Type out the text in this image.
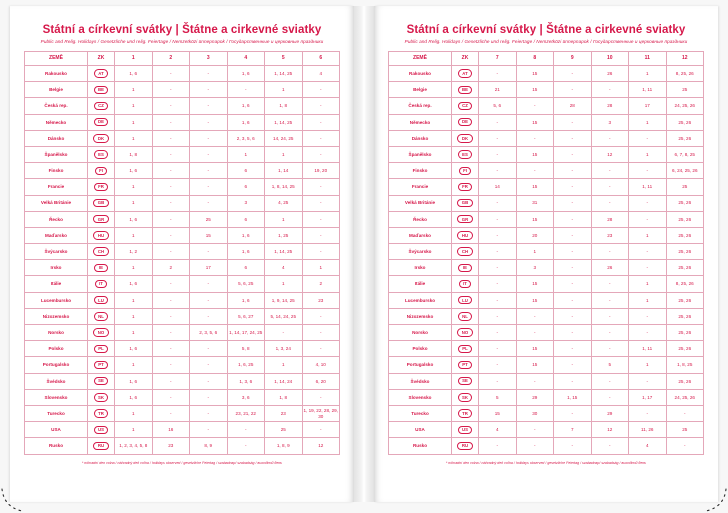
Státní a církevní svátky | Štátne a cirkevné sviatky
Public and Relig. Holidays / Gesetzliche und relig. Feiertage / Nemzetközi ünnepnapok / Государственные и церковные праздники
ZEMĚ	ZK	1	2	3	4	5	6
Rakousko	AT	1, 6	-	-	1, 6	1, 14, 25	4
Belgie	BE	1	-	-	-	1	-
Česká rep.	CZ	1	-	-	1, 6	1, 8	-
Německo	DE	1	-	-	1, 6	1, 14, 25	-
Dánsko	DK	1	-	-	2, 3, 5, 6	14, 24, 25	-
Španělsko	ES	1, 8	-	-	1	1	-
Finsko	FI	1, 6	-	-	6	1, 14	19, 20
Francie	FR	1	-	-	6	1, 8, 14, 25	-
Velká Británie	GB	1	-	-	3	4, 25	-
Řecko	GR	1, 6	-	25	6	1	-
Maďarsko	HU	1	-	15	1, 6	1, 25	-
Švýcarsko	CH	1, 2	-	-	1, 6	1, 14, 25	-
Irsko	IE	1	2	17	6	4	1
Itálie	IT	1, 6	-	-	5, 6, 25	1	2
Lucembursko	LU	1	-	-	1, 6	1, 9, 14, 25	23
Nizozemsko	NL	1	-	-	5, 6, 27	5, 14, 24, 25	-
Norsko	NO	1	-	2, 3, 5, 6	1, 14, 17, 24, 25	-	-
Polsko	PL	1, 6	-	-	5, 8	1, 3, 24	-
Portugalsko	PT	1	-	-	1, 6, 25	1	4, 10
Švédsko	SE	1, 6	-	-	1, 3, 6	1, 14, 24	6, 20
Slovensko	SK	1, 6	-	-	3, 6	1, 8	-
Turecko	TR	1	-	-	23, 21, 22	23	1, 19, 22, 28, 29, 30
USA	US	1	16	-	-	25	-
Rusko	RU	1, 2, 3, 4, 5, 8	23	8, 9	-	1, 8, 9	12
* nóhradní den volna / náhradný deň voľna / holidays observed / gesetzliche Feiertag / szabadnap/ szabadság / выходной день
Státní a církevní svátky | Štátne a cirkevné sviatky
Public and Relig. Holidays / Gesetzliche und relig. Feiertage / Nemzetközi ünnepnapok / Государственные и церковные праздники
ZEMĚ	ZK	7	8	9	10	11	12
Rakousko	AT	-	15	-	26	1	8, 25, 26
Belgie	BE	21	15	-	-	1, 11	25
Česká rep.	CZ	5, 6	-	28	28	17	24, 25, 26
Německo	DE	-	15	-	3	1	25, 26
Dánsko	DK	-	-	-	-	-	25, 26
Španělsko	ES	-	15	-	12	1	6, 7, 8, 25
Finsko	FI	-	-	-	-	-	6, 24, 25, 26
Francie	FR	14	15	-	-	1, 11	25
Velká Británie	GB	-	31	-	-	-	25, 26
Řecko	GR	-	15	-	28	-	25, 26
Maďarsko	HU	-	20	-	23	1	25, 26
Švýcarsko	CH	-	1	-	-	-	25, 26
Irsko	IE	-	3	-	26	-	25, 26
Itálie	IT	-	15	-	-	1	8, 25, 26
Lucembursko	LU	-	15	-	-	1	25, 26
Nizozemsko	NL	-	-	-	-	-	25, 26
Norsko	NO	-	-	-	-	-	25, 26
Polsko	PL	-	15	-	-	1, 11	25, 26
Portugalsko	PT	-	15	-	5	1	1, 8, 25
Švédsko	SE	-	-	-	-	-	25, 26
Slovensko	SK	5	29	1, 15	-	1, 17	24, 25, 26
Turecko	TR	15	30	-	29	-	-
USA	US	4	-	7	12	11, 26	25
Rusko	RU	-	-	-	-	4	-
* nóhradní den volna / náhradný deň voľna / holidays observed / gesetzliche Feiertag / szabadnap/ szabadság / выходной день
